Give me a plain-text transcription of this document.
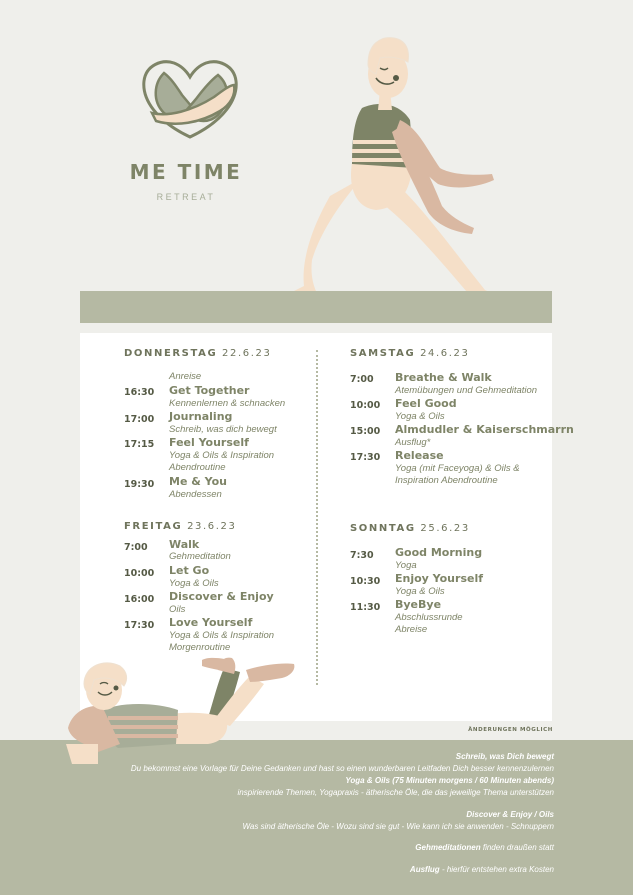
ME TIME
RETREAT
DONNERSTAG 22.6.23
Anreise
16:30 Get Together
Kennenlernen & schnacken
17:00 Journaling
Schreib, was dich bewegt
17:15 Feel Yourself
Yoga & Oils & Inspiration
Abendroutine
19:30 Me & You
Abendessen
FREITAG 23.6.23
7:00 Walk
Gehmeditation
10:00 Let Go
Yoga & Oils
16:00 Discover & Enjoy
Oils
17:30 Love Yourself
Yoga & Oils & Inspiration
Morgenroutine
SAMSTAG 24.6.23
7:00 Breathe & Walk
Atemübungen und Gehmeditation
10:00 Feel Good
Yoga & Oils
15:00 Almdudler & Kaiserschmarrn
Ausflug*
17:30 Release
Yoga (mit Faceyoga) & Oils &
Inspiration Abendroutine
SONNTAG 25.6.23
7:30 Good Morning
Yoga
10:30 Enjoy Yourself
Yoga & Oils
11:30 ByeBye
Abschlussrunde
Abreise
ÄNDERUNGEN MÖGLICH
Schreib, was Dich bewegt
Du bekommst eine Vorlage für Deine Gedanken und hast so einen wunderbaren Leitfaden Dich besser kennenzulernen
Yoga & Oils (75 Minuten morgens / 60 Minuten abends)
inspirierende Themen, Yogapraxis - ätherische Öle, die das jeweilige Thema unterstützen
Discover & Enjoy / Oils
Was sind ätherische Öle - Wozu sind sie gut - Wie kann ich sie anwenden - Schnuppern
Gehmeditationen finden draußen statt
Ausflug - hierfür entstehen extra Kosten
